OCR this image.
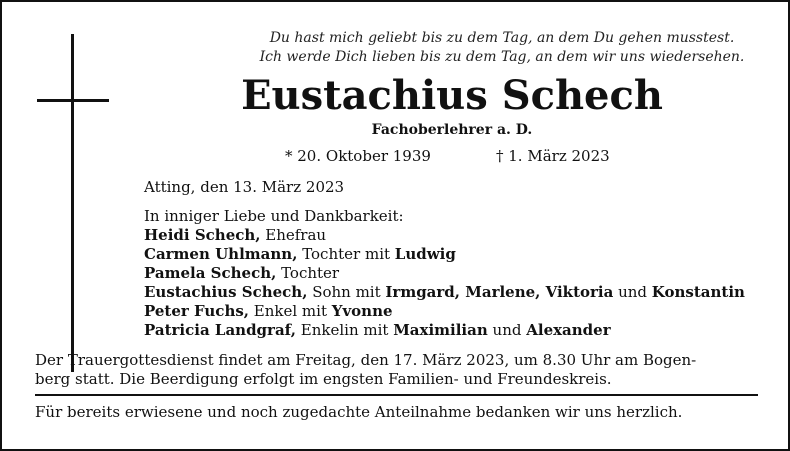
Du hast mich geliebt bis zu dem Tag, an dem Du gehen musstest.
Ich werde Dich lieben bis zu dem Tag, an dem wir uns wiedersehen.
Eustachius Schech
Fachoberlehrer a. D.
* 20. Oktober 1939	† 1. März 2023
Atting, den 13. März 2023
In inniger Liebe und Dankbarkeit:
Heidi Schech, Ehefrau
Carmen Uhlmann, Tochter mit Ludwig
Pamela Schech, Tochter
Eustachius Schech, Sohn mit Irmgard, Marlene, Viktoria und Konstantin
Peter Fuchs, Enkel mit Yvonne
Patricia Landgraf, Enkelin mit Maximilian und Alexander
Der Trauergottesdienst findet am Freitag, den 17. März 2023, um 8.30 Uhr am Bogen-
berg statt. Die Beerdigung erfolgt im engsten Familien- und Freundeskreis.
Für bereits erwiesene und noch zugedachte Anteilnahme bedanken wir uns herzlich.
